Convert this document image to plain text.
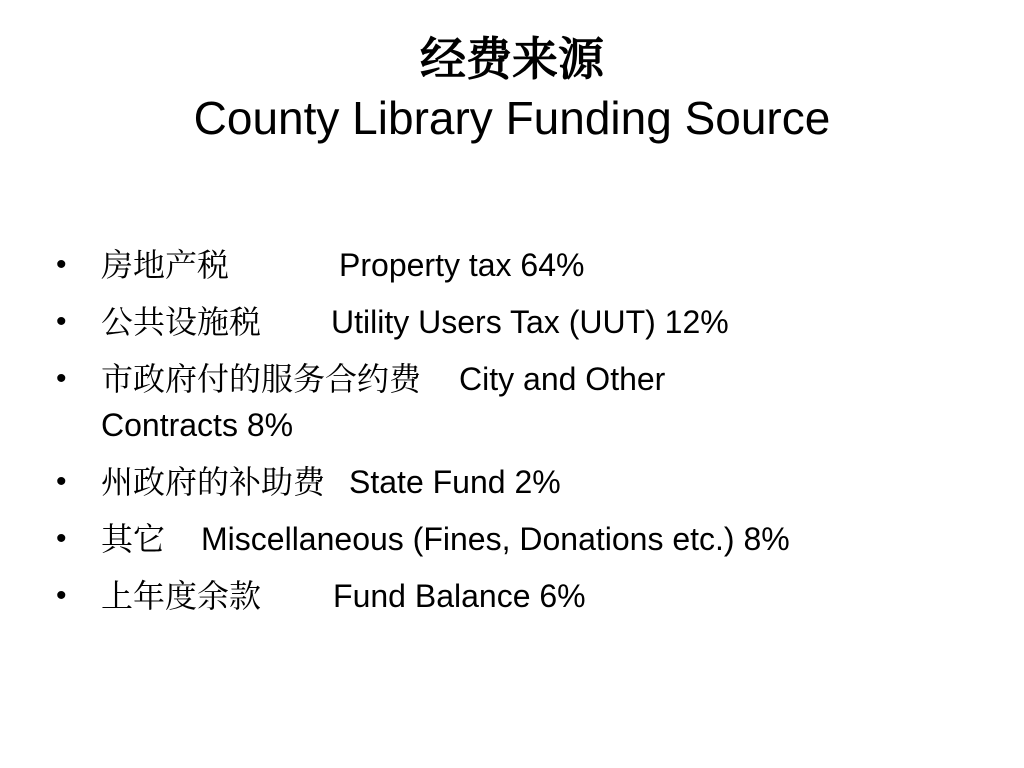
经费来源
County Library Funding Source
•	房地产税	Property tax 64%
•	公共设施税 Utility Users Tax (UUT) 12%
•	市政府付的服务合约费 City and Other
Contracts 8%
•	州政府的补助费 State Fund 2%
•	其它 Miscellaneous (Fines, Donations etc.) 8%
•	上年度余款 Fund Balance 6%
